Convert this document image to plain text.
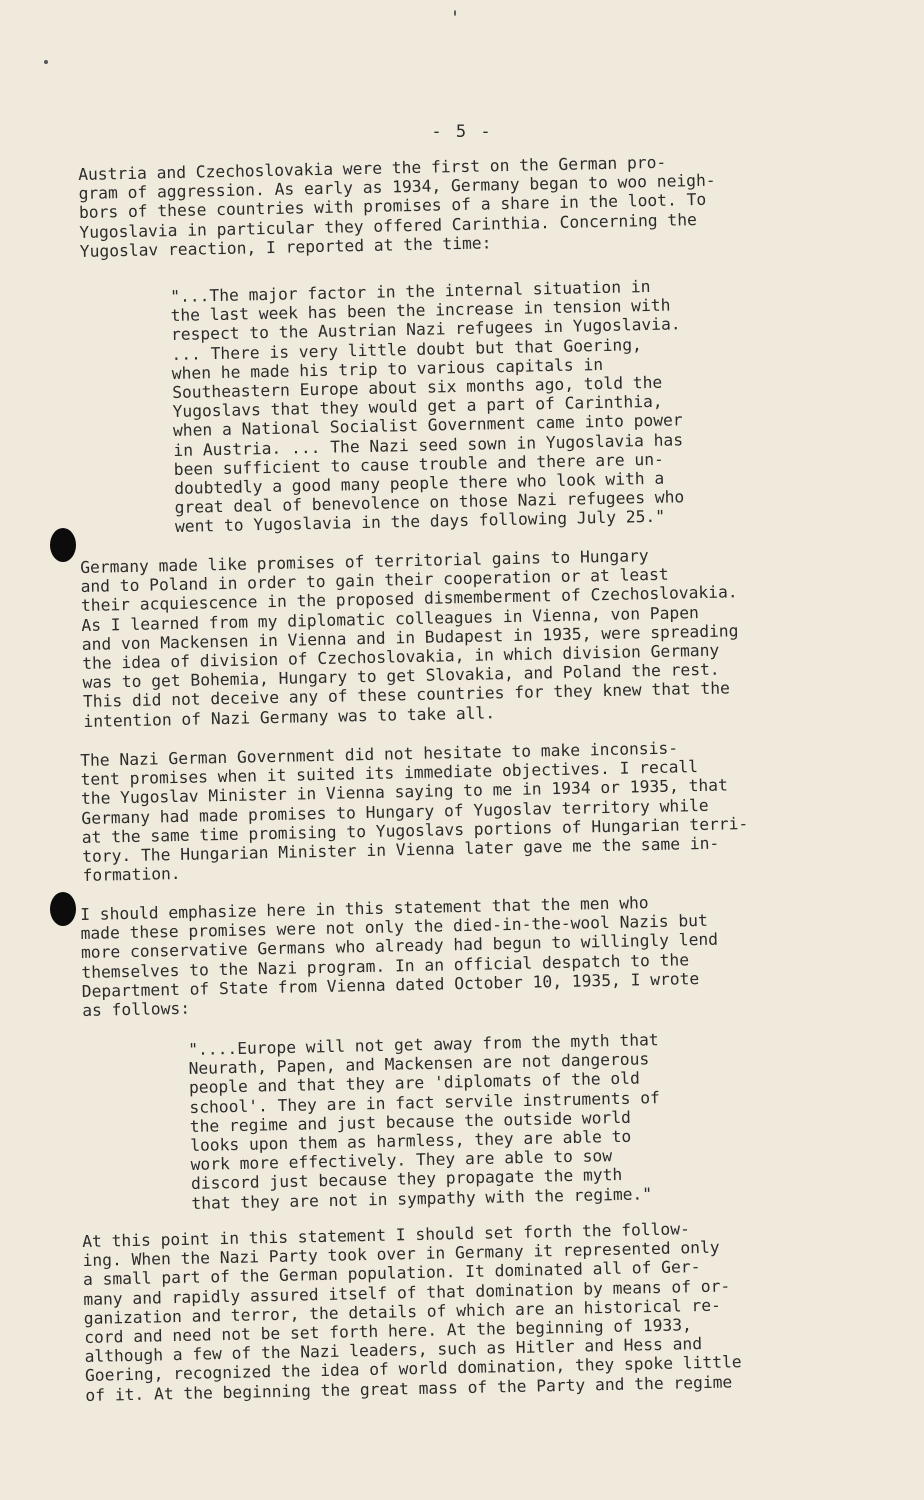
- 5 -

Austria and Czechoslovakia were the first on the German pro-
gram of aggression. As early as 1934, Germany began to woo neigh-
bors of these countries with promises of a share in the loot. To
Yugoslavia in particular they offered Carinthia. Concerning the
Yugoslav reaction, I reported at the time:

"...The major factor in the internal situation in
the last week has been the increase in tension with
respect to the Austrian Nazi refugees in Yugoslavia.
... There is very little doubt but that Goering,
when he made his trip to various capitals in
Southeastern Europe about six months ago, told the
Yugoslavs that they would get a part of Carinthia,
when a National Socialist Government came into power
in Austria. ... The Nazi seed sown in Yugoslavia has
been sufficient to cause trouble and there are un-
doubtedly a good many people there who look with a
great deal of benevolence on those Nazi refugees who
went to Yugoslavia in the days following July 25."

Germany made like promises of territorial gains to Hungary
and to Poland in order to gain their cooperation or at least
their acquiescence in the proposed dismemberment of Czechoslovakia.
As I learned from my diplomatic colleagues in Vienna, von Papen
and von Mackensen in Vienna and in Budapest in 1935, were spreading
the idea of division of Czechoslovakia, in which division Germany
was to get Bohemia, Hungary to get Slovakia, and Poland the rest.
This did not deceive any of these countries for they knew that the
intention of Nazi Germany was to take all.

The Nazi German Government did not hesitate to make inconsis-
tent promises when it suited its immediate objectives. I recall
the Yugoslav Minister in Vienna saying to me in 1934 or 1935, that
Germany had made promises to Hungary of Yugoslav territory while
at the same time promising to Yugoslavs portions of Hungarian terri-
tory. The Hungarian Minister in Vienna later gave me the same in-
formation.

I should emphasize here in this statement that the men who
made these promises were not only the died-in-the-wool Nazis but
more conservative Germans who already had begun to willingly lend
themselves to the Nazi program. In an official despatch to the
Department of State from Vienna dated October 10, 1935, I wrote
as follows:

"....Europe will not get away from the myth that
Neurath, Papen, and Mackensen are not dangerous
people and that they are 'diplomats of the old
school'. They are in fact servile instruments of
the regime and just because the outside world
looks upon them as harmless, they are able to
work more effectively. They are able to sow
discord just because they propagate the myth
that they are not in sympathy with the regime."

At this point in this statement I should set forth the follow-
ing. When the Nazi Party took over in Germany it represented only
a small part of the German population. It dominated all of Ger-
many and rapidly assured itself of that domination by means of or-
ganization and terror, the details of which are an historical re-
cord and need not be set forth here. At the beginning of 1933,
although a few of the Nazi leaders, such as Hitler and Hess and
Goering, recognized the idea of world domination, they spoke little
of it. At the beginning the great mass of the Party and the regime
